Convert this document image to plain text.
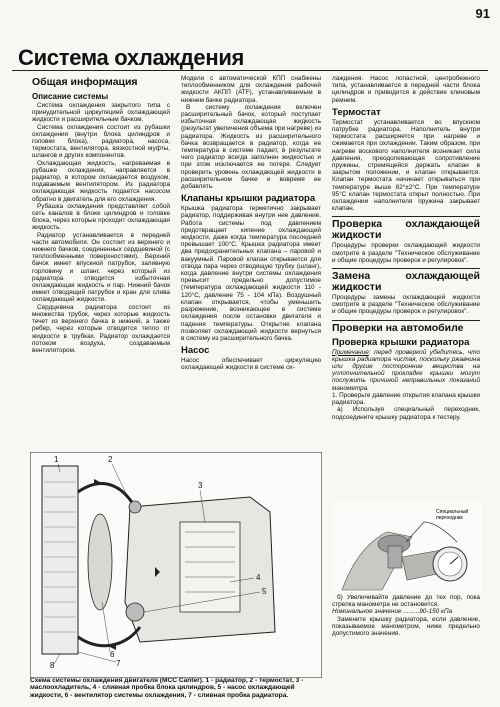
91
Система охлаждения
Общая информация
Описание системы

Система охлаждения закрытого типа с принудительной циркуляцией охлаждающей жидкости и расширительным бачком.

Система охлаждения состоит из рубашки охлаждения (внутри блока цилиндров и головки блока), радиатора, насоса, термостата, вентилятора, вязкостной муфты, шлангов и других компонентов.

Охлаждающая жидкость, нагреваемая в рубашке охлаждения, направляется в радиатор, в котором охлаждается воздухом, подаваемым вентилятором. Из радиатора охлаждающая жидкость подается насосом обратно в двигатель для его охлаждения.

Рубашка охлаждения представляет собой сеть каналов в блоке цилиндров и головке блока, через которые проходит охлаждающая жидкость.

Радиатор устанавливается в передней части автомобиля. Он состоит из верхнего и нижнего бачков, соединенных сердцевиной (с теплообменными поверхностями). Верхний бачок имеет впускной патрубок, заливную горловину и шланг, через который из радиатора отводится избыточная охлаждающая жидкость и пар. Нижний бачок имеет отводящий патрубок и кран для слива охлаждающей жидкости.

Сердцевина радиатора состоит из множества трубок, через которые жидкость течет из верхнего бачка в нижний, а также ребер, через которые отводится тепло от жидкости в трубках. Радиатор охлаждается потоком воздуха, создаваемым вентилятором.

Модели с автоматической КПП снабжены теплообменником для охлаждения рабочей жидкости АКПП (ATF), устанавливаемым в нижнем бачке радиатора.

В систему охлаждения включен расширительный бачок, который поступает избыточная охлаждающая жидкость (результат увеличения объема при нагреве) из радиатора. Жидкость из расширительного бачка возвращается в радиатор, когда ее температура в системе падает, в результате чего радиатор всегда заполнен жидкостью и при этом исключается ее потеря. Следует проверить уровень охлаждающей жидкости в расширительном бачке и вовремя ее добавлять.

Клапаны крышки радиатора

Крышка радиатора герметично закрывает радиатор, поддерживая внутри нее давление. Работа системы под давлением предотвращает кипение охлаждающей жидкости, даже когда температура последней превышает 100°C. Крышка радиатора имеет два предохранительных клапана – паровой и вакуумный. Паровой клапан открывается для отвода пара через отводящую трубку (шланг), когда давление внутри системы охлаждения превысит предельно допустимое (температура охлаждающей жидкости 110 - 120°C, давление 75 - 104 кПа). Воздушный клапан открывается, чтобы уменьшить разрежение, возникающее в системе охлаждения после остановки двигателя и падения температуры. Открытие клапана позволяет охлаждающей жидкости вернуться в систему из расширительного бачка.

Насос

Насос обеспечивает циркуляцию охлаждающей жидкости в системе ох-

лаждения. Насос лопастной, центробежного типа, устанавливается в передней части блока цилиндров и приводится в действие клиновым ремнем.

Термостат

Термостат устанавливается во впускном патрубке радиатора. Наполнитель внутри термостата расширяется при нагреве и сжимается при охлаждении. Таким образом, при нагреве воскового наполнителя возникает сила давления, преодолевающая сопротивление пружины, стремящейся держать клапан в закрытом положении, и клапан открывается. Клапан термостата начинает открываться при температуре выше 82°±2°C. При температуре 95°C клапан термостата открыт полностью. При охлаждении наполнителя пружина закрывает клапан.

Проверка охлаждающей жидкости

Процедуры проверки охлаждающей жидкости смотрите в разделе "Техническое обслуживание и общие процедуры проверок и регулировок".

Замена охлаждающей жидкости

Процедуры замены охлаждающей жидкости смотрите в разделе "Техническое обслуживание и общие процедуры проверок и регулировок".

Проверки на автомобиле
Проверка крышки радиатора

Примечание: перед проверкой убедитесь, что крышка радиатора чистая, поскольку ржавчина или другие посторонние вещества на уплотнительной прокладке крышки могут послужить причиной неправильных показаний манометра.

1. Проверьте давление открытия клапана крышки радиатора.

а) Используя специальный переходник, подсоедините крышку радиатора к тестеру.

Специальный переходник

б) Увеличивайте давление до тех пор, пока стрелка манометра не остановится.

Номинальное значение .........90-150 кПа

Замените крышку радиатора, если давление, показываемое манометром, ниже предельно допустимого значения.

1	2
3
4
5
6
7
8
Схема системы охлаждения двигателя (MCC Canter). 1 - радиатор, 2 - термостат, 3 - маслоохладитель, 4 - сливная пробка блока цилиндров, 5 - насос охлаждающей жидкости, 6 - вентилятор системы охлаждения, 7 - сливная пробка радиатора.
